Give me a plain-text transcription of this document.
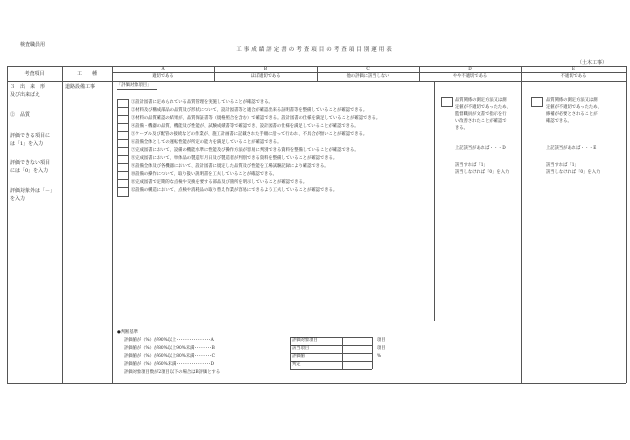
検査職員⽤
⼯事成績評定書の考査項⽬の考査項⽬別運⽤表
（⼟⽊⼯事）
考査項⽬	⼯　　種
A
適切である
B
ほぼ適切である
C
他の評価に該当しない
D
やや不適切である
E
不適切である
３　出　来　形
及び出来ばえ
②　品質
評価できる項⽬に
は「1」を⼊⼒
評価できない項⽬
には「0」を⼊⼒
評価対象外は「－」
を⼊⼒
道路設備⼯事	「評価対象項⽬」
①設計図書に定められている品質管理を実施していることが確認できる。
②材料及び構成部品の品質及び形状について、設計図書等と適合が確認出来る証明書等を整備していることが確認できる。
③材料の品質確認の結果が、品質保証書等（規格照合を含む）で確認できる。設計図書の仕様を満足していることが確認できる。
④設備・機器の品質、機能及び性能が、試験成績書等で確認でき、設計図書の仕様を満足していることが確認できる。
⑤ケーブル及び配管の接続などの作業が、施⼯計画書に記載された⼿順に沿って⾏われ、不具合が無いことが確認できる。
⑥設備全体としての運転性能が所定の能⼒を満⾜していることが確認できる。
⑦完成図書において、設備の機能⽔準に性能及び操作⽅法が容易に判別できる資料を整備していることが確認できる。
⑧完成図書において、単体品の製造年⽉⽇及び製造者が判別できる資料を整備していることが確認できる。
⑨設備全体及び各機器において、設計図書に規定した品質及び性能を⼯場試験記録により確認できる。
⑩設備の操作について、取り扱い説明書を⼯夫していることが確認できる。
⑪完成図書で定期的な点検や交換を要する部品及び箇所を明⽰していることが確認できる。
⑫設備の構造において、点検や消耗品の取り替え作業が容易にできるよう⼯夫していることが確認できる。
品質関係の測定⽅法⼜は測
定値が不適切であったため、
監督職員が⽂書で指⽰を⾏
い改善されたことが確認で
きる。
上記該当があれば・・・D
該当すれば「1」
該当しなければ「0」を⼊⼒
品質関係の測定⽅法⼜は測
定値が不適切であったため、
修補が必要とされることが
確認できる。
上記該当があれば・・・E
該当すれば「1」
該当しなければ「0」を⼊⼒
●判断基準
評価値が（%）が90%以上････････････････A
評価値が（%）が80%以上90%未満････････B
評価値が（%）が60%以上80%未満････････C
評価値が（%）が60%未満････････････････D
評価対象項⽬数が2項⽬以下の場合はB評価とする
評価対象項⽬
該当項⽬
評価値
判定
項⽬
項⽬
%
